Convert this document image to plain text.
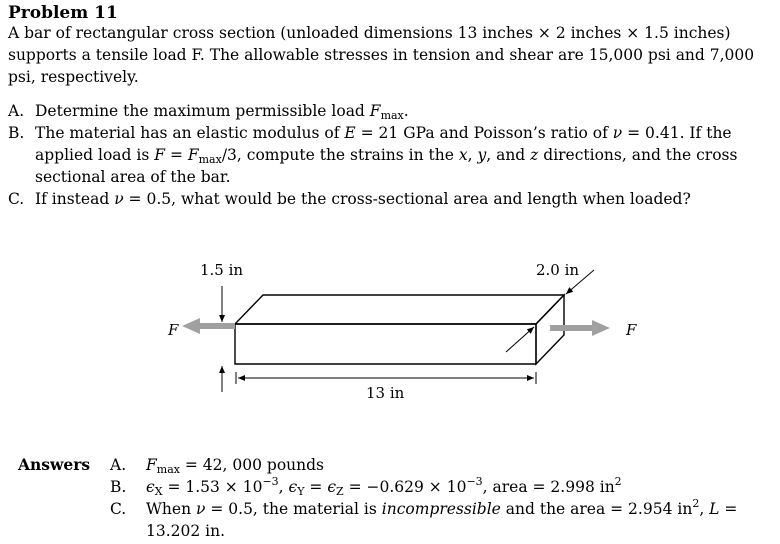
Problem 11
A bar of rectangular cross section (unloaded dimensions 13 inches × 2 inches × 1.5 inches) supports a tensile load F. The allowable stresses in tension and shear are 15,000 psi and 7,000 psi, respectively.
A. Determine the maximum permissible load $F_{max}$.
B. The material has an elastic modulus of E = 21 GPa and Poisson’s ratio of ν = 0.41. If the applied load is $F = F_{max}/3$, compute the strains in the x, y, and z directions, and the cross sectional area of the bar.
C. If instead ν = 0.5, what would be the cross-sectional area and length when loaded?
F	F
1.5 in	2.0 in
13 in
Answers	A.	$F_{max} = 42$, 000 pounds
B.	$\epsilon_X = 1.53 \times 10^{-3}$, $\epsilon_Y = \epsilon_Z = -0.629 \times 10^{-3}$, area = 2.998 $in^2$
C.	When ν = 0.5, the material is incompressible and the area = 2.954 $in^2$, L = 13.202 in.
